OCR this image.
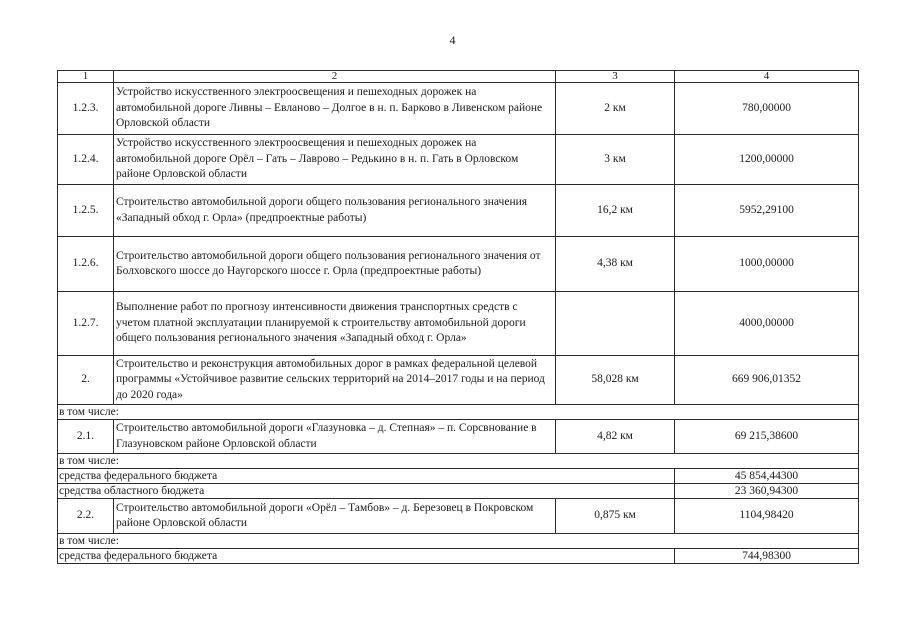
4
1	2	3	4
1.2.3.	Устройство искусственного электроосвещения и пешеходных дорожек на автомобильной дороге Ливны – Евланово – Долгое в н. п. Барково в Ливенском районе Орловской области	2 км	780,00000
1.2.4.	Устройство искусственного электроосвещения и пешеходных дорожек на автомобильной дороге Орёл – Гать – Лаврово – Редькино в н. п. Гать в Орловском районе Орловской области	3 км	1200,00000
1.2.5.	Строительство автомобильной дороги общего пользования регионального значения «Западный обход г. Орла» (предпроектные работы)	16,2 км	5952,29100
1.2.6.	Строительство автомобильной дороги общего пользования регионального значения от Болховского шоссе до Наугорского шоссе г. Орла (предпроектные работы)	4,38 км	1000,00000
1.2.7.	Выполнение работ по прогнозу интенсивности движения транспортных средств с учетом платной эксплуатации планируемой к строительству автомобильной дороги общего пользования регионального значения «Западный обход г. Орла»		4000,00000
2.	Строительство и реконструкция автомобильных дорог в рамках федеральной целевой программы «Устойчивое развитие сельских территорий на 2014–2017 годы и на период до 2020 года»	58,028 км	669 906,01352
в том числе:			
2.1.	Строительство автомобильной дороги «Глазуновка – д. Степная» – п. Сорсвнование в Глазуновском районе Орловской области	4,82 км	69 215,38600
в том числе:			
средства федерального бюджета			45 854,44300
средства областного бюджета			23 360,94300
2.2.	Строительство автомобильной дороги «Орёл – Тамбов» – д. Березовец в Покровском районе Орловской области	0,875 км	1104,98420
в том числе:			
средства федерального бюджета			744,98300
